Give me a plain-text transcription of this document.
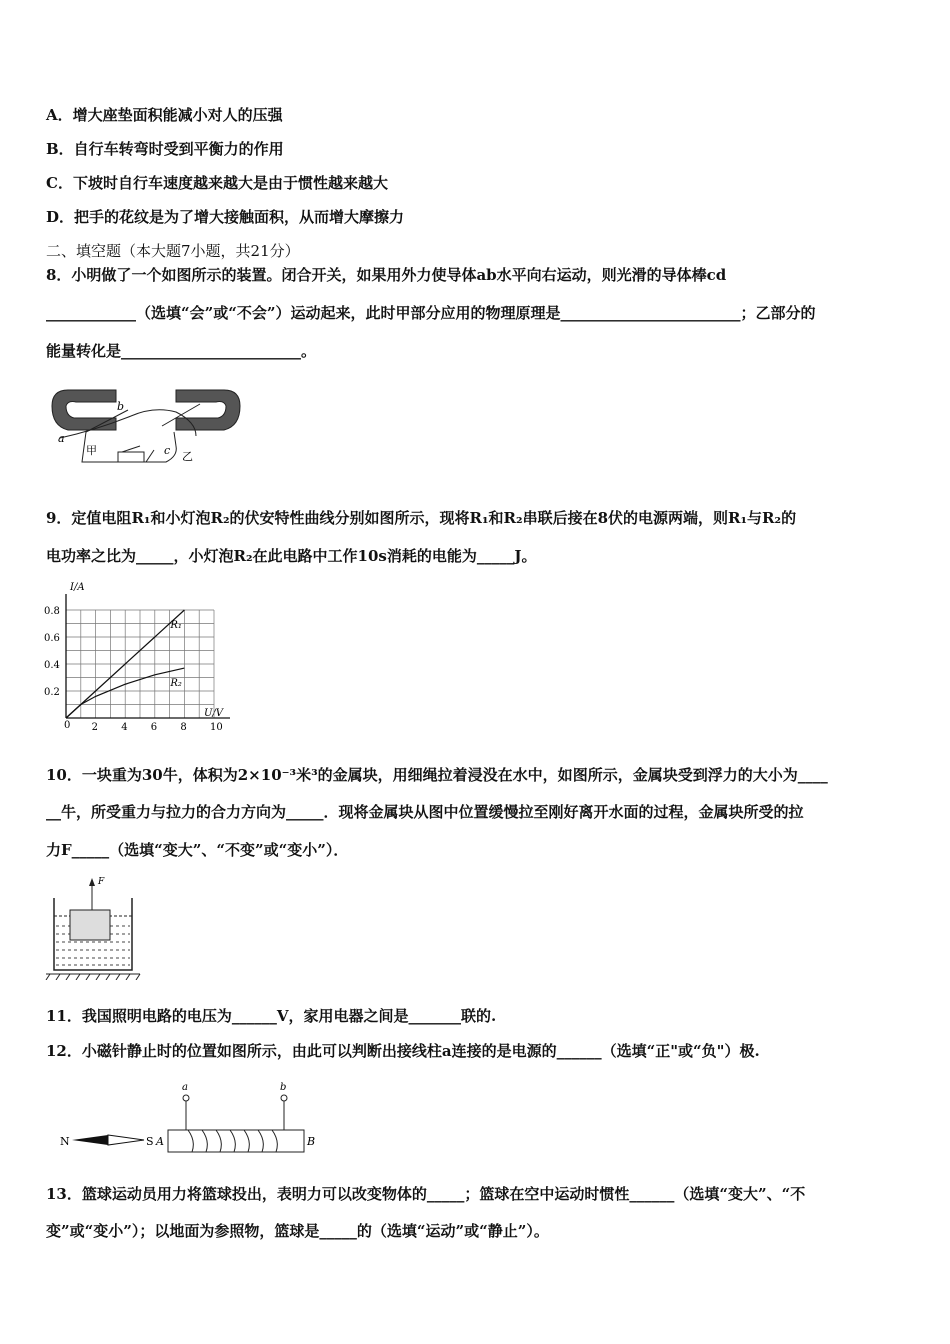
A．增大座垫面积能减小对人的压强
B．自行车转弯时受到平衡力的作用
C．下坡时自行车速度越来越大是由于惯性越来越大
D．把手的花纹是为了增大接触面积，从而增大摩擦力
二、填空题（本大题7小题，共21分）
8．小明做了一个如图所示的装置。闭合开关，如果用外力使导体ab水平向右运动，则光滑的导体棒cd
____________（选填“会”或“不会”）运动起来，此时甲部分应用的物理原理是________________________；乙部分的
能量转化是________________________。
b
a
甲	c 乙
9．定值电阻R₁和小灯泡R₂的伏安特性曲线分别如图所示，现将R₁和R₂串联后接在8伏的电源两端，则R₁与R₂的
电功率之比为_____，小灯泡R₂在此电路中工作10s消耗的电能为_____J。
I/A
U/V
0 2 4 6 8 10
0.2
0.4
0.6
0.8
R₁
R₂
10．一块重为30牛，体积为2×10⁻³米³的金属块，用细绳拉着浸没在水中，如图所示，金属块受到浮力的大小为____
__牛，所受重力与拉力的合力方向为_____．现将金属块从图中位置缓慢拉至刚好离开水面的过程，金属块所受的拉
力F_____（选填“变大”、“不变”或“变小”）．
F
11．我国照明电路的电压为______V，家用电器之间是_______联的.
12．小磁针静止时的位置如图所示，由此可以判断出接线柱a连接的是电源的______（选填“正"或“负"）极.
N	S A	B
a	b
13．篮球运动员用力将篮球投出，表明力可以改变物体的_____；篮球在空中运动时惯性______（选填“变大”、“不
变”或“变小”）；以地面为参照物，篮球是_____的（选填“运动”或“静止”）。
